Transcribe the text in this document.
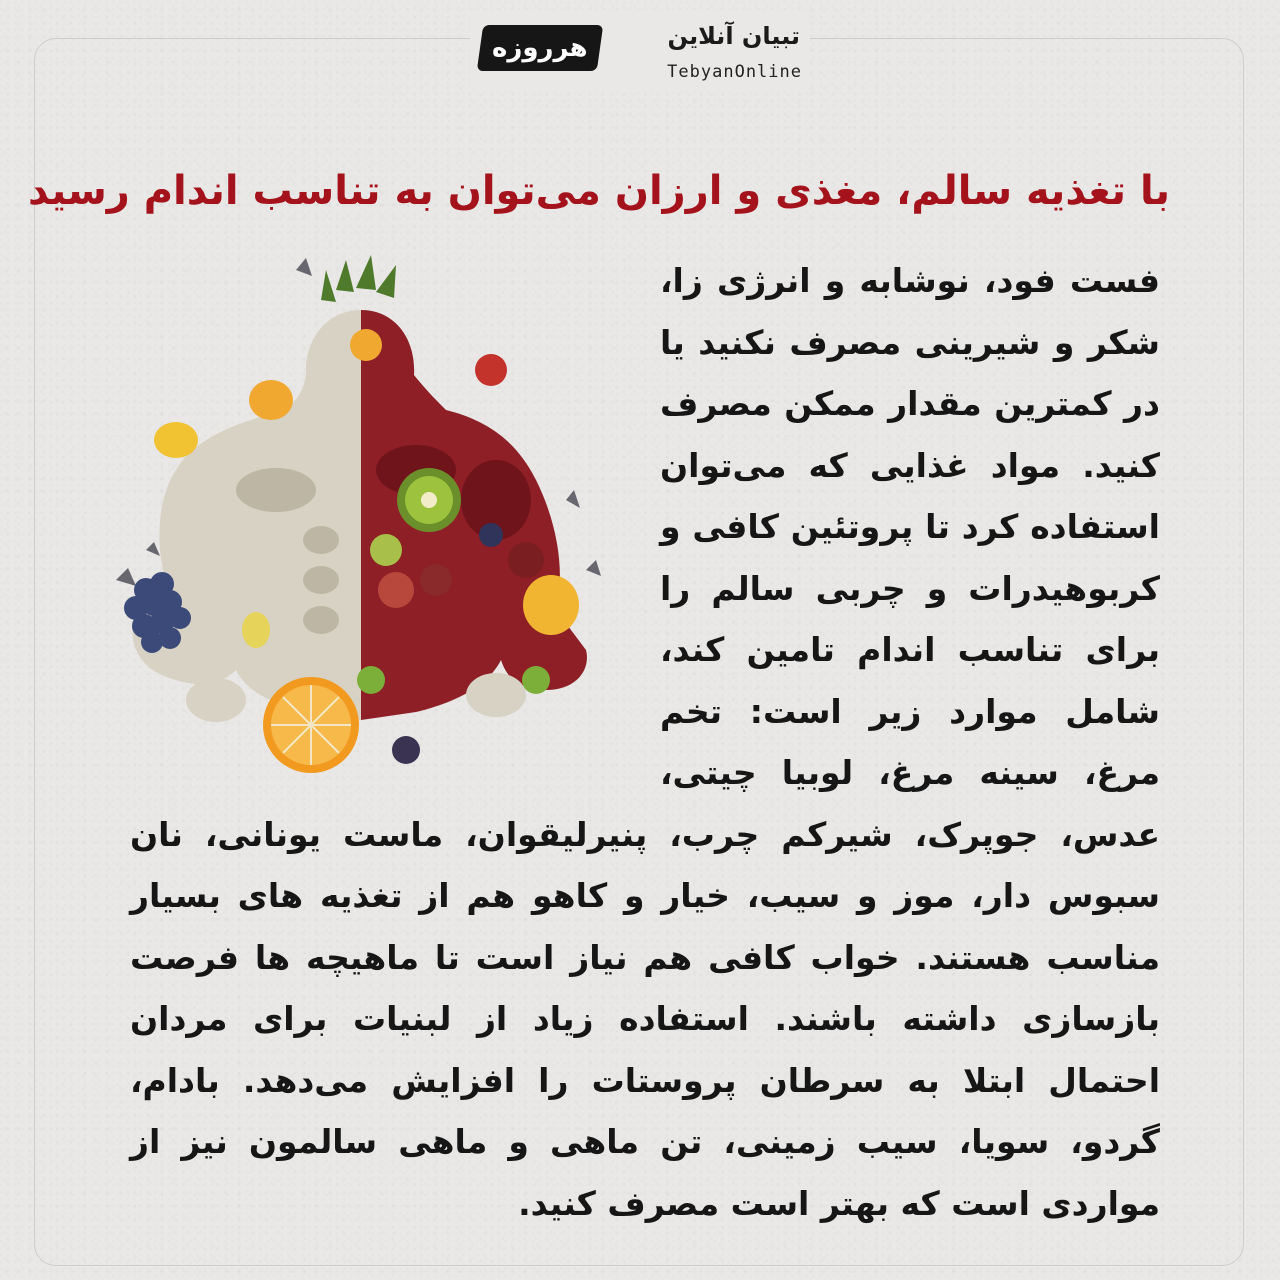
هرروزه	تبیان آنلاین
TebyanOnline
با تغذیه سالم، مغذی و ارزان می‌توان به تناسب اندام رسید
فست فود، نوشابه و انرژی زا، شکر و شیرینی مصرف نکنید یا در کمترین مقدار ممکن مصرف کنید. مواد غذایی که می‌توان استفاده کرد تا پروتئین کافی و کربوهیدرات و چربی سالم را برای تناسب اندام تامین کند، شامل موارد زیر است: تخم مرغ، سینه مرغ، لوبیا چیتی، عدس، جوپرک، شیرکم چرب، پنیرلیقوان، ماست یونانی، نان سبوس دار، موز و سیب، خیار و کاهو هم از تغذیه های بسیار مناسب هستند. خواب کافی هم نیاز است تا ماهیچه ها فرصت بازسازی داشته باشند. استفاده زیاد از لبنیات برای مردان احتمال ابتلا به سرطان پروستات را افزایش می‌دهد. بادام، گردو، سویا، سیب زمینی، تن ماهی و ماهی سالمون نیز از مواردی است که بهتر است مصرف کنید.
